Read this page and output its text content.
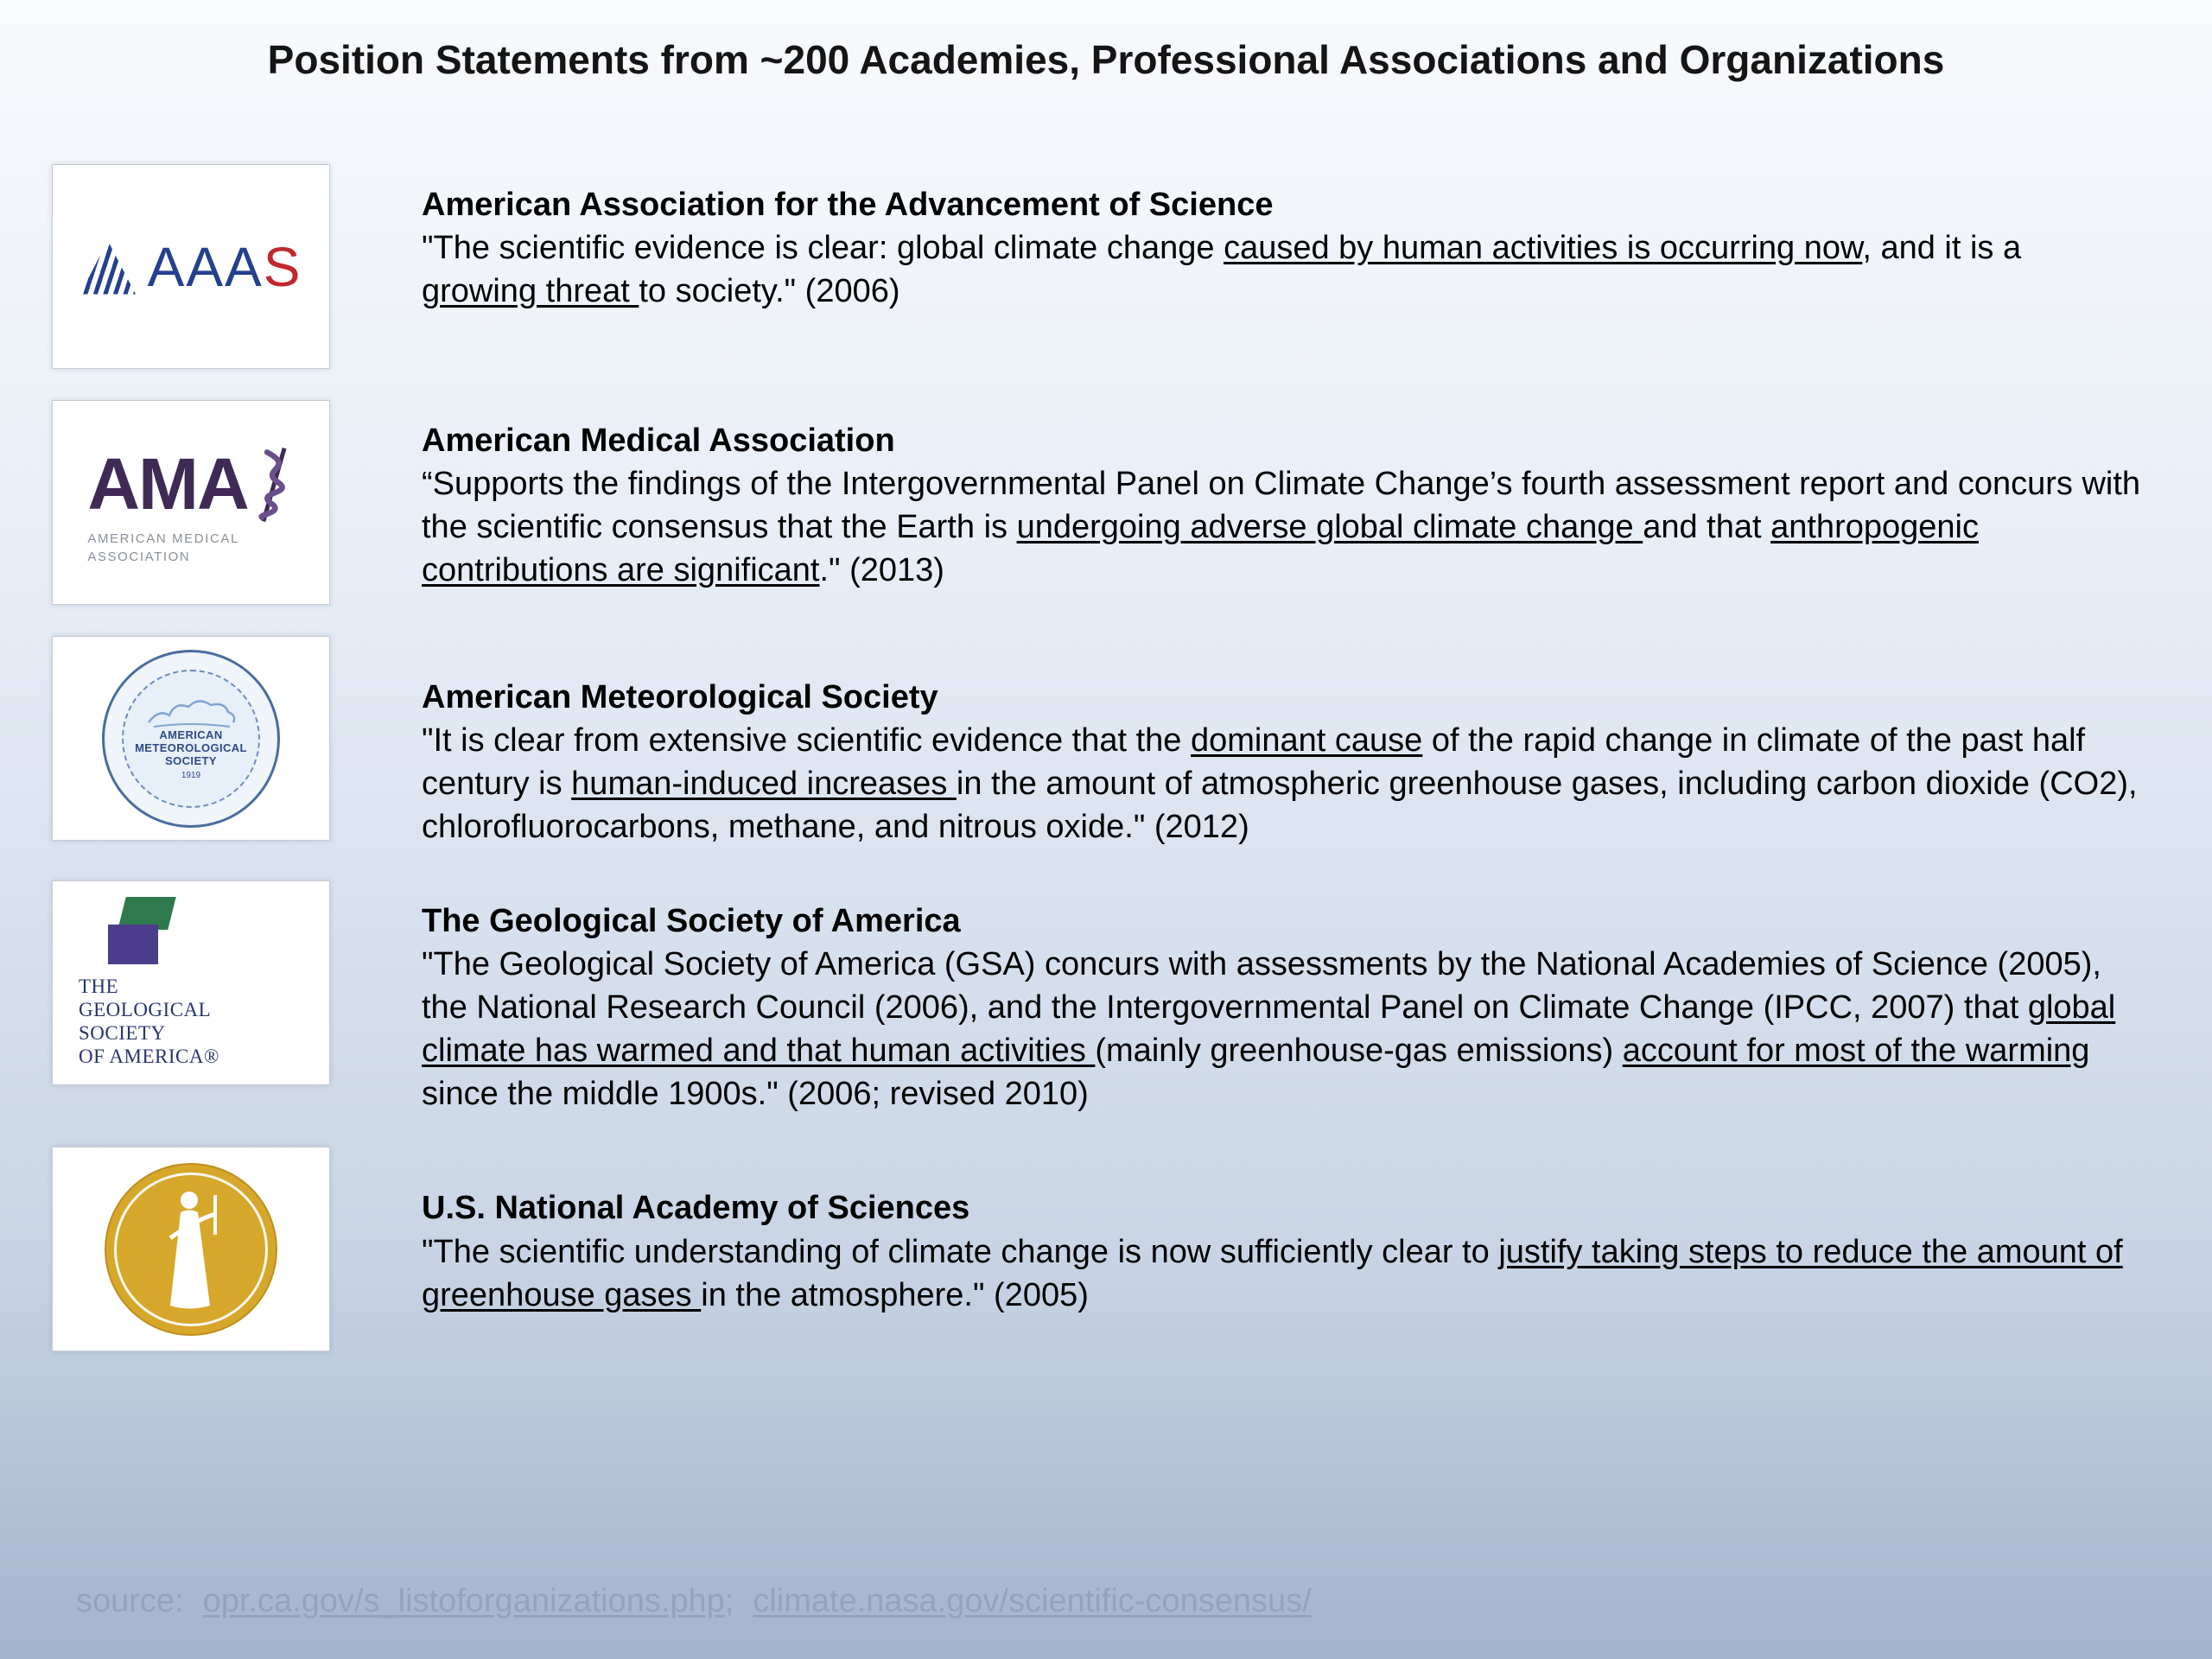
Position Statements from ~200 Academies, Professional Associations and Organizations
AAAS
American Association for the Advancement of Science
"The scientific evidence is clear: global climate change caused by human activities is occurring now, and it is a growing threat to society." (2006)
AMA
AMERICAN MEDICAL
ASSOCIATION
American Medical Association
“Supports the findings of the Intergovernmental Panel on Climate Change’s fourth assessment report and concurs with the scientific consensus that the Earth is undergoing adverse global climate change and that anthropogenic contributions are significant." (2013)
AMERICAN
METEOROLOGICAL
SOCIETY
1919
American Meteorological Society
"It is clear from extensive scientific evidence that the dominant cause of the rapid change in climate of the past half century is human-induced increases in the amount of atmospheric greenhouse gases, including carbon dioxide (CO2), chlorofluorocarbons, methane, and nitrous oxide." (2012)
THE
GEOLOGICAL
SOCIETY
OF AMERICA®
The Geological Society of America
"The Geological Society of America (GSA) concurs with assessments by the National Academies of Science (2005), the National Research Council (2006), and the Intergovernmental Panel on Climate Change (IPCC, 2007) that global climate has warmed and that human activities (mainly greenhouse-gas emissions) account for most of the warming since the middle 1900s." (2006; revised 2010)
U.S. National Academy of Sciences
"The scientific understanding of climate change is now sufficiently clear to justify taking steps to reduce the amount of greenhouse gases in the atmosphere." (2005)
source: opr.ca.gov/s_listoforganizations.php; climate.nasa.gov/scientific-consensus/
